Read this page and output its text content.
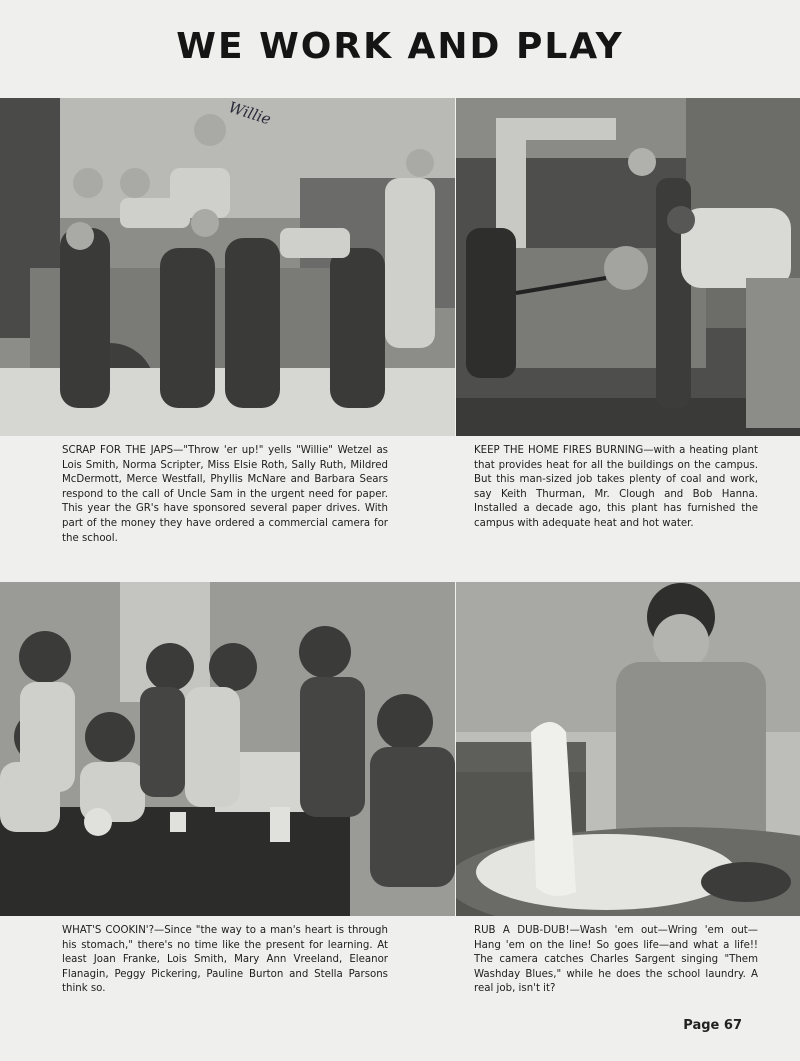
WE WORK AND PLAY
Willie
SCRAP FOR THE JAPS—"Throw 'er up!" yells "Willie" Wetzel as Lois Smith, Norma Scripter, Miss Elsie Roth, Sally Ruth, Mildred McDermott, Merce Westfall, Phyllis McNare and Barbara Sears respond to the call of Uncle Sam in the urgent need for paper. This year the GR's have sponsored several paper drives. With part of the money they have ordered a commercial camera for the school.
KEEP THE HOME FIRES BURNING—with a heating plant that provides heat for all the buildings on the campus. But this man-sized job takes plenty of coal and work, say Keith Thurman, Mr. Clough and Bob Hanna. Installed a decade ago, this plant has furnished the campus with adequate heat and hot water.
WHAT'S COOKIN'?—Since "the way to a man's heart is through his stomach," there's no time like the present for learning. At least Joan Franke, Lois Smith, Mary Ann Vreeland, Eleanor Flanagin, Peggy Pickering, Pauline Burton and Stella Parsons think so.
RUB A DUB-DUB!—Wash 'em out—Wring 'em out—Hang 'em on the line! So goes life—and what a life!! The camera catches Charles Sargent singing "Them Washday Blues," while he does the school laundry. A real job, isn't it?
Page 67
